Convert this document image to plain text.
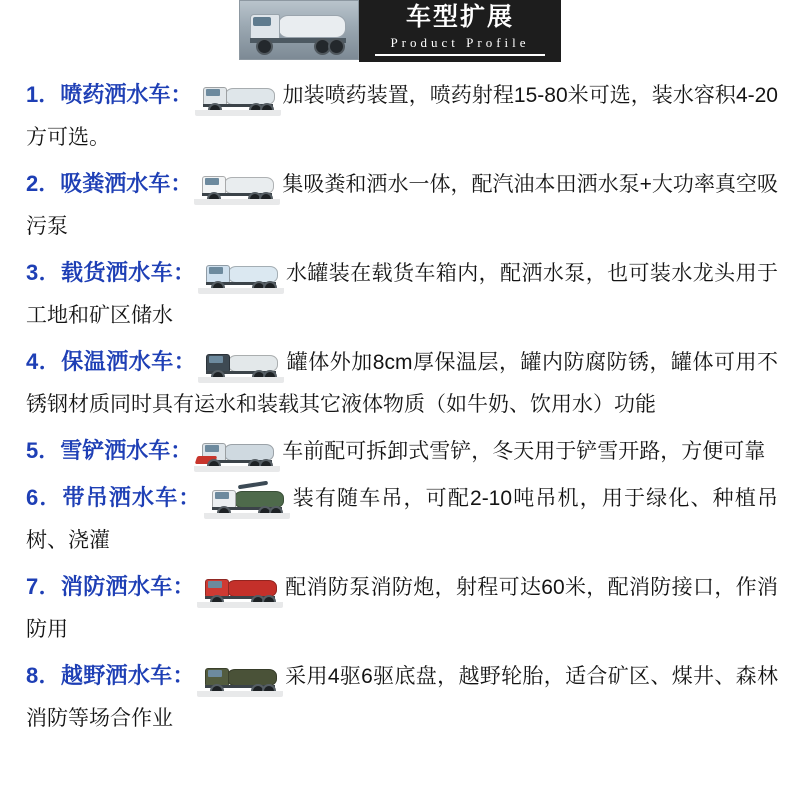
车型扩展
Product Profile
1．喷药洒水车：	加装喷药装置，喷药射程15-80米可选，装水容积4-20方可选。
2．吸粪洒水车：	集吸粪和洒水一体，配汽油本田洒水泵+大功率真空吸污泵
3．载货洒水车：	水罐装在载货车箱内，配洒水泵，也可装水龙头用于工地和矿区储水
4．保温洒水车：	罐体外加8cm厚保温层，罐内防腐防锈，罐体可用不锈钢材质同时具有运水和装载其它液体物质（如牛奶、饮用水）功能
5．雪铲洒水车：	车前配可拆卸式雪铲，冬天用于铲雪开路，方便可靠
6．带吊洒水车：	装有随车吊，可配2-10吨吊机，用于绿化、种植吊树、浇灌
7．消防洒水车：	配消防泵消防炮，射程可达60米，配消防接口，作消防用
8．越野洒水车：	采用4驱6驱底盘，越野轮胎，适合矿区、煤井、森林消防等场合作业
